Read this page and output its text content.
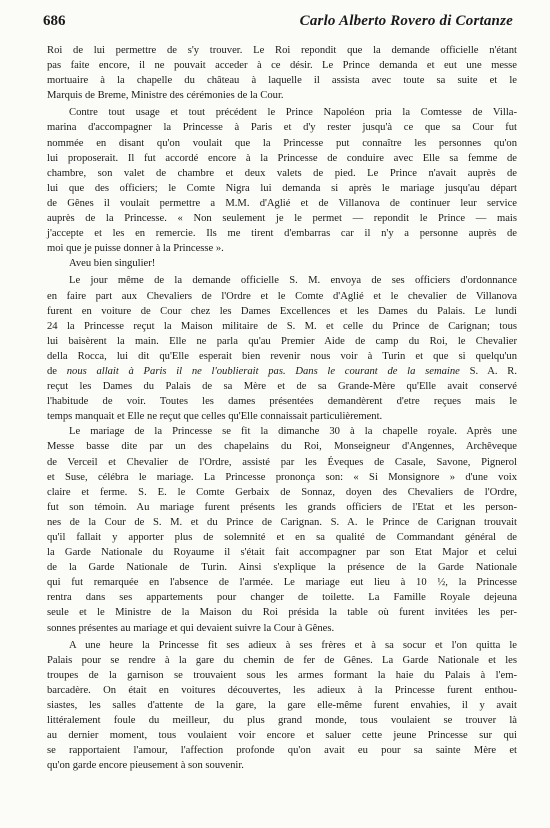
686	Carlo Alberto Rovero di Cortanze
Roi de lui permettre de s'y trouver. Le Roi repondit que la demande officielle n'étant
pas faite encore, il ne pouvait acceder à ce désir. Le Prince demanda et eut une messe
mortuaire à la chapelle du château à laquelle il assista avec toute sa suite et le
Marquis de Breme, Ministre des cérémonies de la Cour.
Contre tout usage et tout précédent le Prince Napoléon pria la Comtesse de Villa-
marina d'accompagner la Princesse à Paris et d'y rester jusqu'à ce que sa Cour fut
nommée en disant qu'on voulait que la Princesse put connaître les personnes qu'on
lui proposerait. Il fut accordé encore à la Princesse de conduire avec Elle sa femme de
chambre, son valet de chambre et deux valets de pied. Le Prince n'avait auprès de
lui que des officiers; le Comte Nigra lui demanda si après le mariage jusqu'au départ
de Gênes il voulait permettre a M.M. d'Aglié et de Villanova de continuer leur service
auprès de la Princesse. « Non seulement je le permet — repondit le Prince — mais
j'accepte et les en remercie. Ils me tirent d'embarras car il n'y a personne auprès de
moi que je puisse donner à la Princesse ».
Aveu bien singulier!
Le jour même de la demande officielle S. M. envoya de ses officiers d'ordonnance
en faire part aux Chevaliers de l'Ordre et le Comte d'Aglié et le chevalier de Villanova
furent en voiture de Cour chez les Dames Excellences et les Dames du Palais. Le lundi
24 la Princesse reçut la Maison militaire de S. M. et celle du Prince de Carignan; tous
lui baisèrent la main. Elle ne parla qu'au Premier Aide de camp du Roi, le Chevalier
della Rocca, lui dit qu'Elle esperait bien revenir nous voir à Turin et que si quelqu'un
de nous allait à Paris il ne l'oublierait pas. Dans le courant de la semaine S. A. R.
reçut les Dames du Palais de sa Mère et de sa Grande-Mère qu'Elle avait conservé
l'habitude de voir. Toutes les dames présentées demandèrent d'etre reçues mais le
temps manquait et Elle ne reçut que celles qu'Elle connaissait particulièrement.
Le mariage de la Princesse se fit la dimanche 30 à la chapelle royale. Après une
Messe basse dite par un des chapelains du Roi, Monseigneur d'Angennes, Archêveque
de Verceil et Chevalier de l'Ordre, assisté par les Éveques de Casale, Savone, Pignerol
et Suse, célébra le mariage. La Princesse prononça son: « Si Monsignore » d'une voix
claire et ferme. S. E. le Comte Gerbaix de Sonnaz, doyen des Chevaliers de l'Ordre,
fut son témoin. Au mariage furent présents les grands officiers de l'Etat et les person-
nes de la Cour de S. M. et du Prince de Carignan. S. A. le Prince de Carignan trouvait
qu'il fallait y apporter plus de solemnité et en sa qualité de Commandant général de
la Garde Nationale du Royaume il s'était fait accompagner par son Etat Major et celui
de la Garde Nationale de Turin. Ainsi s'explique la présence de la Garde Nationale
qui fut remarquée en l'absence de l'armée. Le mariage eut lieu à 10 ½, la Princesse
rentra dans ses appartements pour changer de toilette. La Famille Royale dejeuna
seule et le Ministre de la Maison du Roi présida la table où furent invitées les per-
sonnes présentes au mariage et qui devaient suivre la Cour à Gênes.
A une heure la Princesse fit ses adieux à ses frères et à sa socur et l'on quitta le
Palais pour se rendre à la gare du chemin de fer de Gênes. La Garde Nationale et les
troupes de la garnison se trouvaient sous les armes formant la haie du Palais à l'em-
barcadère. On était en voitures découvertes, les adieux à la Princesse furent enthou-
siastes, les salles d'attente de la gare, la gare elle-même furent envahies, il y avait
littéralement foule du meilleur, du plus grand monde, tous voulaient se trouver là
au dernier moment, tous voulaient voir encore et saluer cette jeune Princesse sur qui
se rapportaient l'amour, l'affection profonde qu'on avait eu pour sa sainte Mère et
qu'on garde encore pieusement à son souvenir.
